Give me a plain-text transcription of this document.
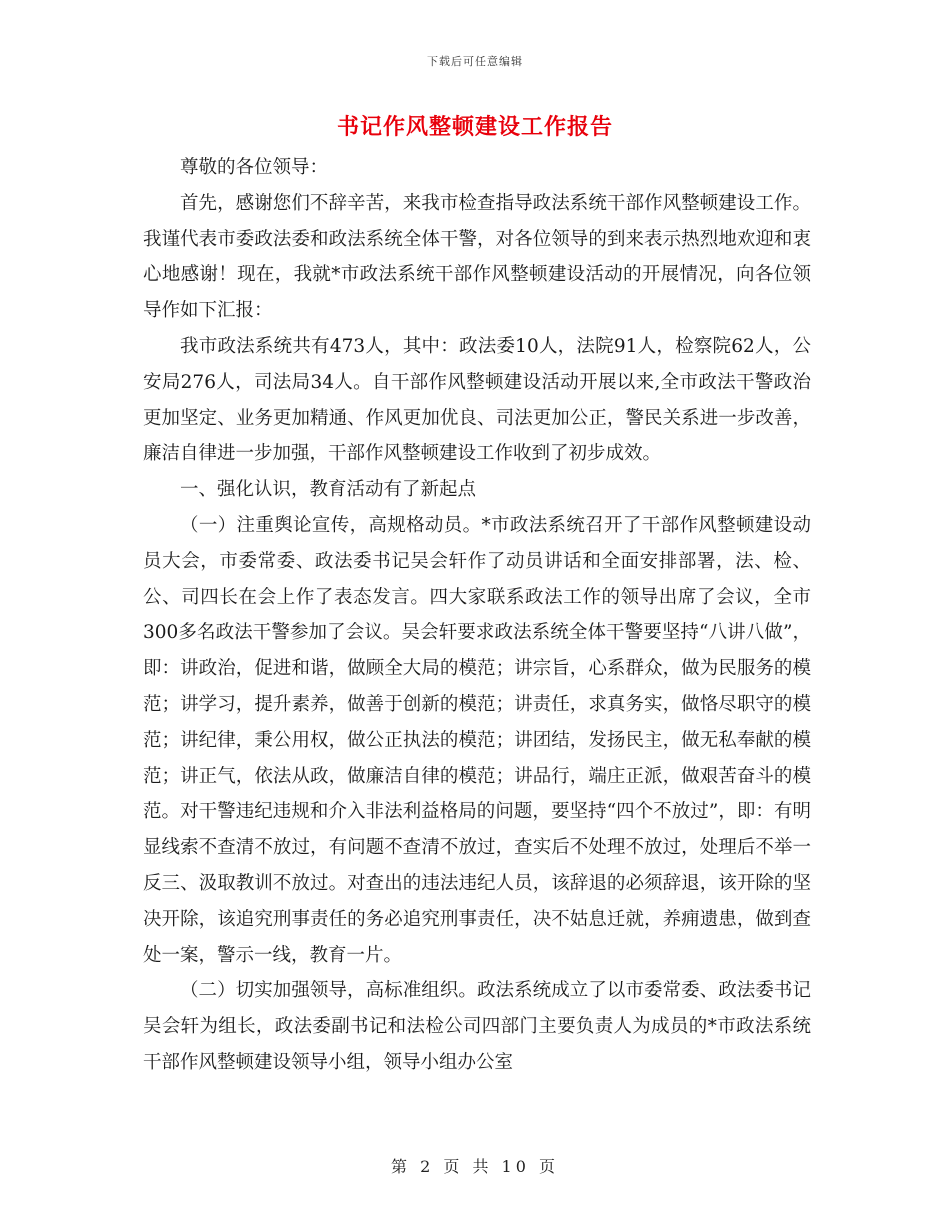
下载后可任意编辑
书记作风整顿建设工作报告

尊敬的各位领导：

首先，感谢您们不辞辛苦，来我市检查指导政法系统干部作风整顿建设工作。我谨代表市委政法委和政法系统全体干警，对各位领导的到来表示热烈地欢迎和衷心地感谢！现在，我就*市政法系统干部作风整顿建设活动的开展情况，向各位领导作如下汇报：

我市政法系统共有473人，其中：政法委10人，法院91人，检察院62人，公安局276人，司法局34人。自干部作风整顿建设活动开展以来,全市政法干警政治更加坚定、业务更加精通、作风更加优良、司法更加公正，警民关系进一步改善，廉洁自律进一步加强，干部作风整顿建设工作收到了初步成效。

一、强化认识，教育活动有了新起点

（一）注重舆论宣传，高规格动员。*市政法系统召开了干部作风整顿建设动员大会，市委常委、政法委书记吴会轩作了动员讲话和全面安排部署，法、检、公、司四长在会上作了表态发言。四大家联系政法工作的领导出席了会议，全市300多名政法干警参加了会议。吴会轩要求政法系统全体干警要坚持“八讲八做”，即：讲政治，促进和谐，做顾全大局的模范；讲宗旨，心系群众，做为民服务的模范；讲学习，提升素养，做善于创新的模范；讲责任，求真务实，做恪尽职守的模范；讲纪律，秉公用权，做公正执法的模范；讲团结，发扬民主，做无私奉献的模范；讲正气，依法从政，做廉洁自律的模范；讲品行，端庄正派，做艰苦奋斗的模范。对干警违纪违规和介入非法利益格局的问题，要坚持“四个不放过”，即：有明显线索不查清不放过，有问题不查清不放过，查实后不处理不放过，处理后不举一反三、汲取教训不放过。对查出的违法违纪人员，该辞退的必须辞退，该开除的坚决开除，该追究刑事责任的务必追究刑事责任，决不姑息迁就，养痈遗患，做到查处一案，警示一线，教育一片。

（二）切实加强领导，高标准组织。政法系统成立了以市委常委、政法委书记吴会轩为组长，政法委副书记和法检公司四部门主要负责人为成员的*市政法系统干部作风整顿建设领导小组，领导小组办公室

第 2 页 共 10 页
